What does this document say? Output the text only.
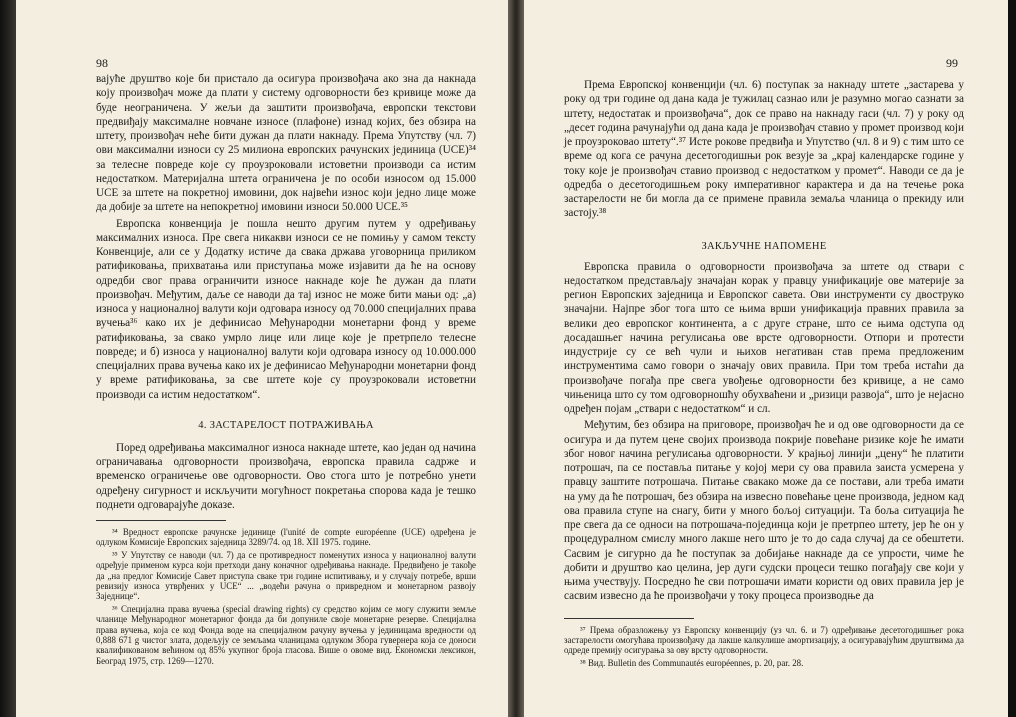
98

вајуће друштво које би пристало да осигура произвођача ако зна да накнада коју произвођач може да плати у систему одговорности без кривице може да буде неограничена. У жељи да заштити произвођача, европски текстови предвиђају максималне новчане износе (плафоне) изнад којих, без обзира на штету, произвођач неће бити дужан да плати накнаду. Према Упутству (чл. 7) ови максимални износи су 25 милиона европских рачунских јединица (UCE)³⁴ за телесне повреде које су проузроковали истоветни производи са истим недостатком. Материјална штета ограничена је по особи износом од 15.000 UCE за штете на покретној имовини, док највећи износ који једно лице може да добије за штете на непокретној имовини износи 50.000 UCE.³⁵

Европска конвенција је пошла нешто другим путем у одређивању максималних износа. Пре свега никакви износи се не помињу у самом тексту Конвенције, али се у Додатку истиче да свака држава уговорница приликом ратификовања, прихватања или приступања може изјавити да ће на основу одредби свог права ограничити износе накнаде које ће дужан да плати произвођач. Међутим, даље се наводи да тај износ не може бити мањи од: „а) износа у националној валути који одговара износу од 70.000 специјалних права вучења³⁶ како их је дефинисао Међународни монетарни фонд у време ратификовања, за свако умрло лице или лице које је претрпело телесне повреде; и б) износа у националној валути који одговара износу од 10.000.000 специјалних права вучења како их је дефинисао Међународни монетарни фонд у време ратификовања, за све штете које су проузроковали истоветни производи са истим недостатком“.

4. ЗАСТАРЕЛОСТ ПОТРАЖИВАЊА

Поред одређивања максималног износа накнаде штете, као један од начина ограничавања одговорности произвођача, европска правила садрже и временско ограничење ове одговорности. Ово стога што је потребно унети одређену сигурност и искључити могућност покретања спорова када је тешко поднети одговарајуће доказе.

³⁴ Вредност европске рачунске јединице (l'unité de compte européenne (UCE) одређена је одлуком Комисије Европских заједница 3289/74. од 18. XII 1975. године.

³⁵ У Упутству се наводи (чл. 7) да се противредност поменутих износа у националној валути одређује применом курса који претходи дану коначног одређивања накнаде. Предвиђено је такође да „на предлог Комисије Савет приступа сваке три године испитивању, и у случају потребе, врши ревизију износа утврђених у UCE“ ... „водећи рачуна о привредном и монетарном развоју Заједнице“.

³⁶ Специјална права вучења (special drawing rights) су средство којим се могу служити земље чланице Међународног монетарног фонда да би допуниле своје монетарне резерве. Специјална права вучења, која се код Фонда воде на специјалном рачуну вучења у јединицама вредности од 0,888 671 g чистог злата, додељују се земљама чланицама одлуком Збора гувернера која се доноси квалификованом већином од 85% укупног броја гласова. Више о овоме вид. Економски лексикон, Београд 1975, стр. 1269—1270.

99

Према Европској конвенцији (чл. 6) поступак за накнаду штете „застарева у року од три године од дана када је тужилац сазнао или је разумно могао сазнати за штету, недостатак и произвођача“, док се право на накнаду гаси (чл. 7) у року од „десет година рачунајући од дана када је произвођач ставио у промет производ који је проузроковао штету“.³⁷ Исте рокове предвиђа и Упутство (чл. 8 и 9) с тим што се време од кога се рачуна десетогодишњи рок везује за „крај календарске године у току које је произвођач ставио производ с недостатком у промет“. Наводи се да је одредба о десетогодишњем року императивног карактера и да на течење рока застарелости не би могла да се примене правила земаља чланица о прекиду или застоју.³⁸

ЗАКЉУЧНЕ НАПОМЕНЕ

Европска правила о одговорности произвођача за штете од ствари с недостатком представљају значајан корак у правцу унификације ове материје за регион Европских заједница и Европског савета. Ови инструменти су двоструко значајни. Најпре због тога што се њима врши унификација правних правила за велики део европског континента, а с друге стране, што се њима одступа од досадашњег начина регулисања ове врсте одговорности. Отпори и протести индустрије су се већ чули и њихов негативан став према предложеним инструментима само говори о значају ових правила. При том треба истаћи да произвођаче погађа пре свега увођење одговорности без кривице, а не само чињеница што су том одговорношћу обухваћени и „ризици развоја“, што је нејасно одређен појам „ствари с недостатком“ и сл.

Међутим, без обзира на приговоре, произвођач ће и од ове одговорности да се осигура и да путем цене својих производа покрије повећане ризике које ће имати због новог начина регулисања одговорности. У крајњој линији „цену“ ће платити потрошач, па се поставља питање у којој мери су ова правила заиста усмерена у правцу заштите потрошача. Питање свакако може да се постави, али треба имати на уму да ће потрошач, без обзира на извесно повећање цене производа, једном кад ова правила ступе на снагу, бити у много бољој ситуацији. Та боља ситуација ће пре свега да се односи на потрошача-појединца који је претрпео штету, јер ће он у процедуралном смислу много лакше него што је то до сада случај да се обештети. Сасвим је сигурно да ће поступак за добијање накнаде да се упрости, чиме ће добити и друштво као целина, јер дуги судски процеси тешко погађају све који у њима учествују. Посредно ће сви потрошачи имати користи од ових правила јер је сасвим извесно да ће произвођачи у току процеса производње да

³⁷ Према образложењу уз Европску конвенцију (уз чл. 6. и 7) одређивање десетогодишњег рока застарелости омогућава произвођачу да лакше калкулише амортизацију, а осигуравајућим друштвима да одреде премију осигурања за ову врсту одговорности.

³⁸ Вид. Bulletin des Communautés européennes, p. 20, par. 28.
